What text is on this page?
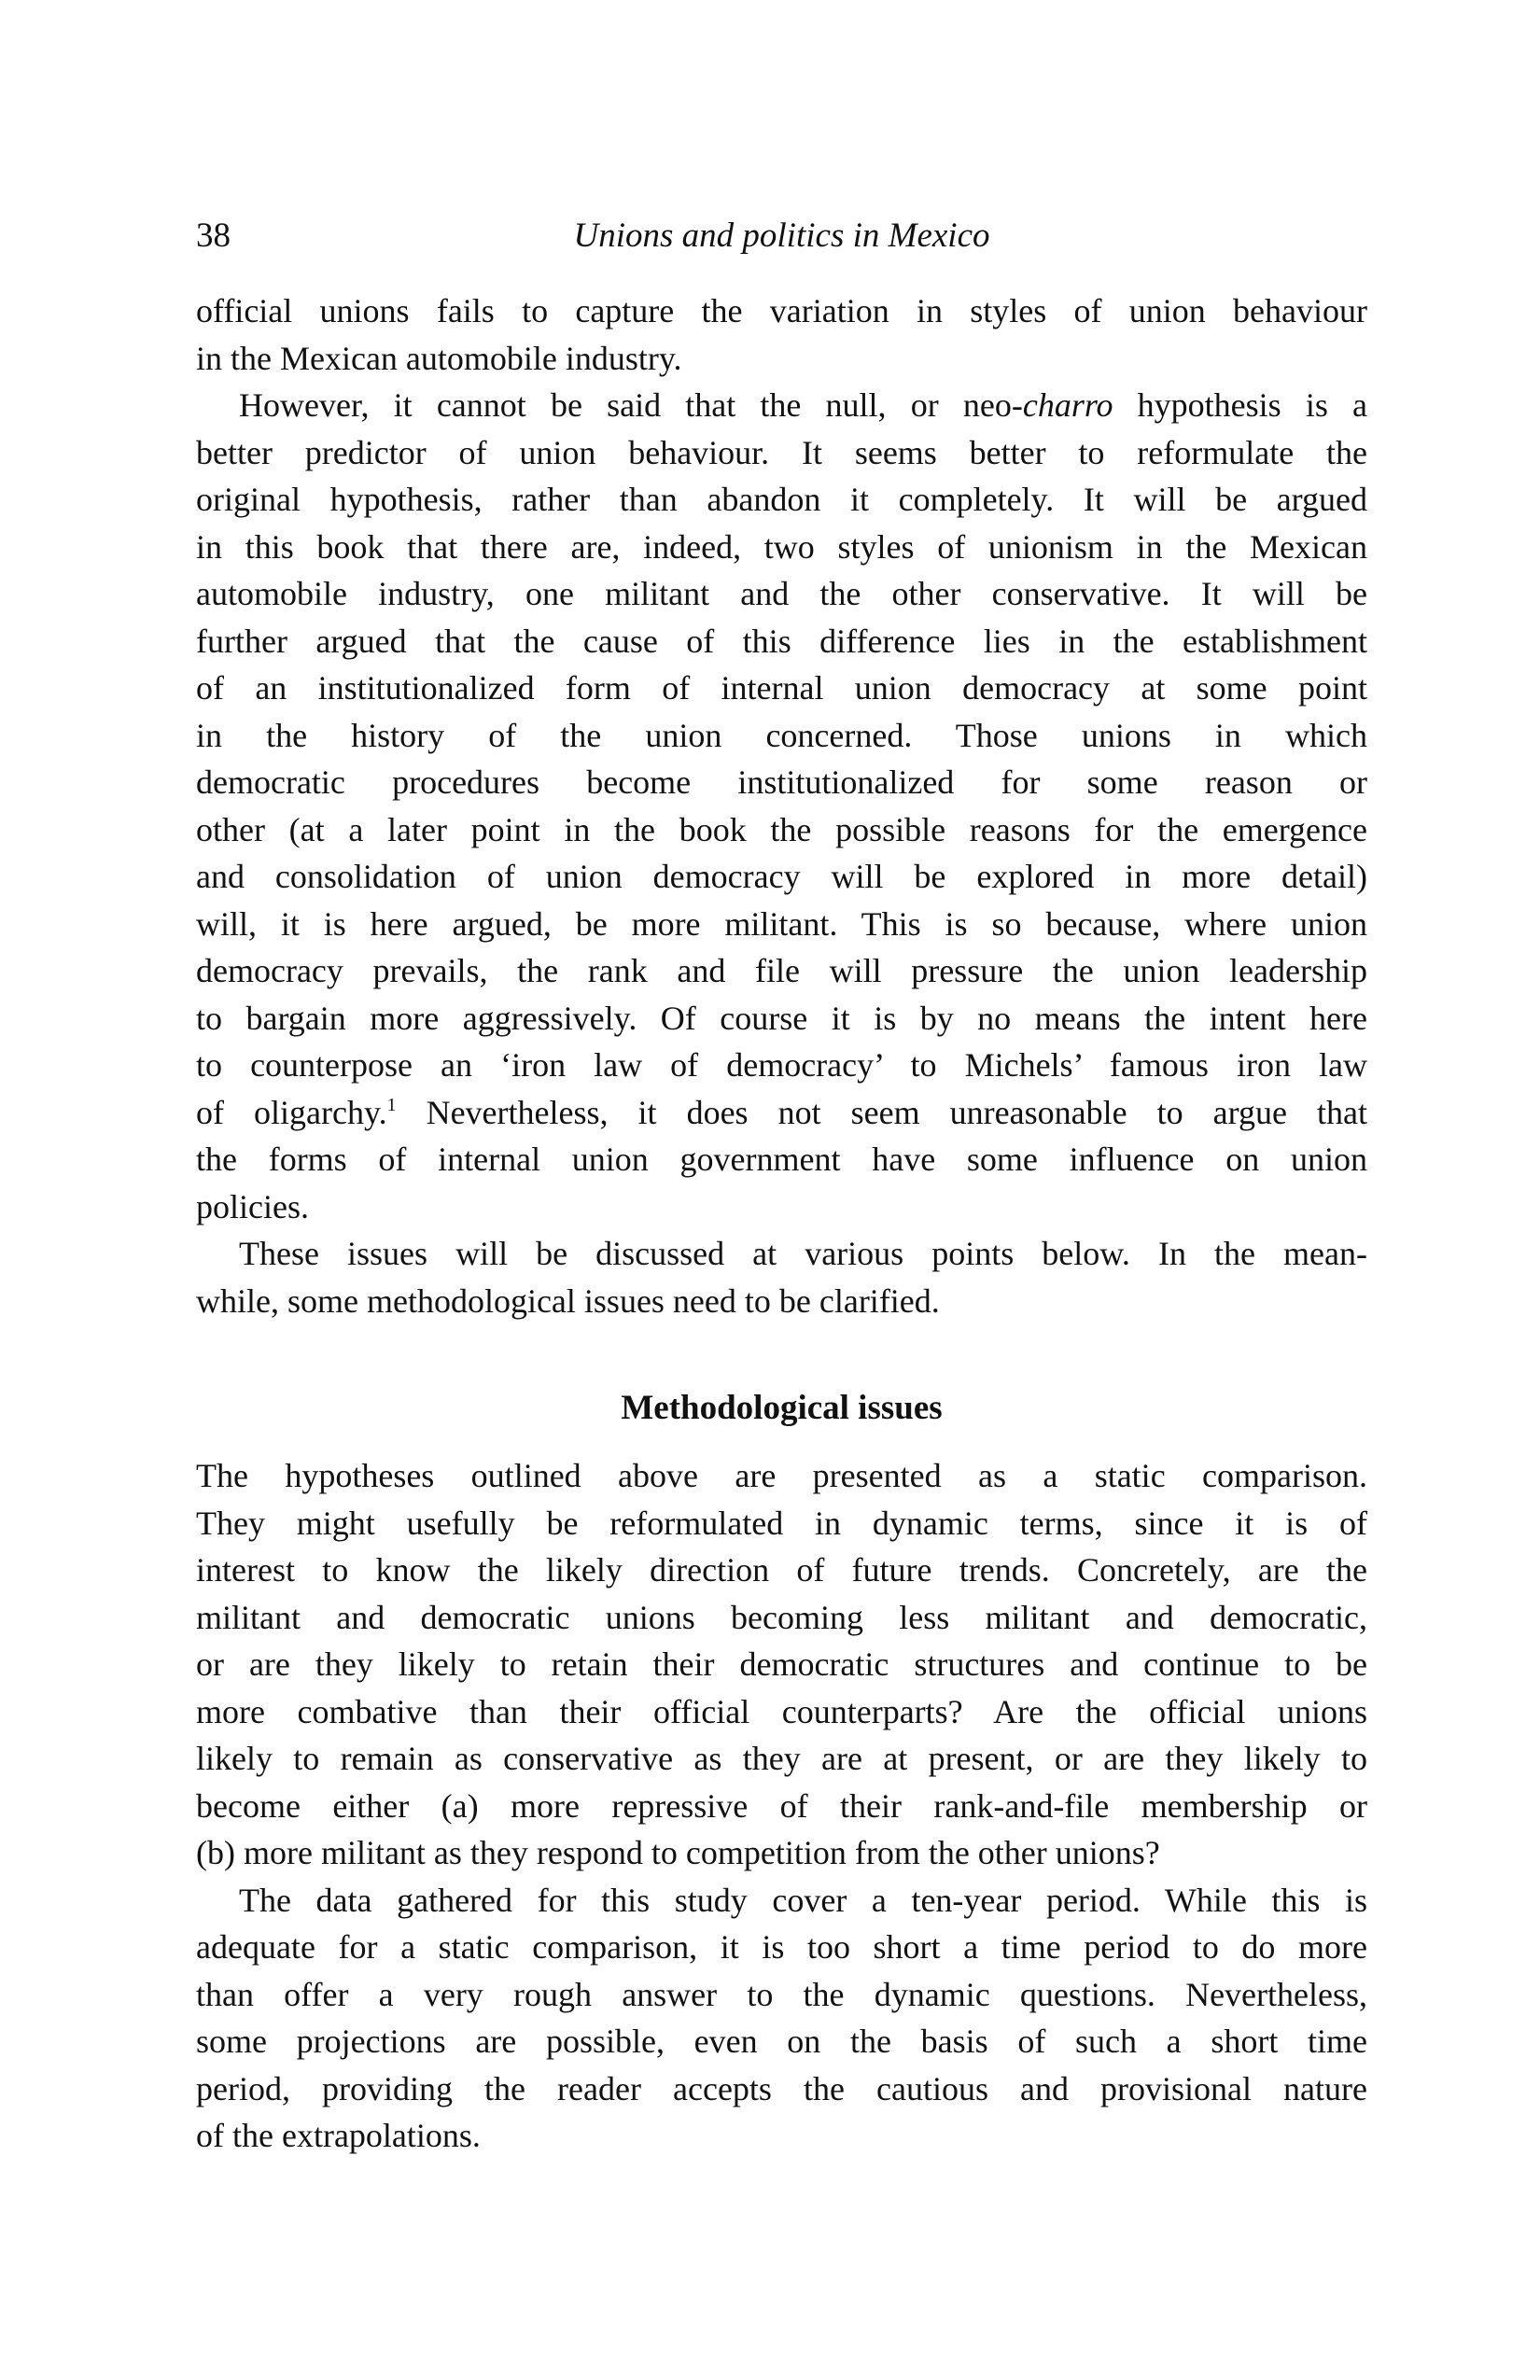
38	Unions and politics in Mexico
official unions fails to capture the variation in styles of union behaviour
in the Mexican automobile industry.
However, it cannot be said that the null, or neo-charro hypothesis is a
better predictor of union behaviour. It seems better to reformulate the
original hypothesis, rather than abandon it completely. It will be argued
in this book that there are, indeed, two styles of unionism in the Mexican
automobile industry, one militant and the other conservative. It will be
further argued that the cause of this difference lies in the establishment
of an institutionalized form of internal union democracy at some point
in the history of the union concerned. Those unions in which
democratic procedures become institutionalized for some reason or
other (at a later point in the book the possible reasons for the emergence
and consolidation of union democracy will be explored in more detail)
will, it is here argued, be more militant. This is so because, where union
democracy prevails, the rank and file will pressure the union leadership
to bargain more aggressively. Of course it is by no means the intent here
to counterpose an ‘iron law of democracy’ to Michels’ famous iron law
of oligarchy.$^1$ Nevertheless, it does not seem unreasonable to argue that
the forms of internal union government have some influence on union
policies.
These issues will be discussed at various points below. In the mean-
while, some methodological issues need to be clarified.
Methodological issues
The hypotheses outlined above are presented as a static comparison.
They might usefully be reformulated in dynamic terms, since it is of
interest to know the likely direction of future trends. Concretely, are the
militant and democratic unions becoming less militant and democratic,
or are they likely to retain their democratic structures and continue to be
more combative than their official counterparts? Are the official unions
likely to remain as conservative as they are at present, or are they likely to
become either (a) more repressive of their rank-and-file membership or
(b) more militant as they respond to competition from the other unions?
The data gathered for this study cover a ten-year period. While this is
adequate for a static comparison, it is too short a time period to do more
than offer a very rough answer to the dynamic questions. Nevertheless,
some projections are possible, even on the basis of such a short time
period, providing the reader accepts the cautious and provisional nature
of the extrapolations.
